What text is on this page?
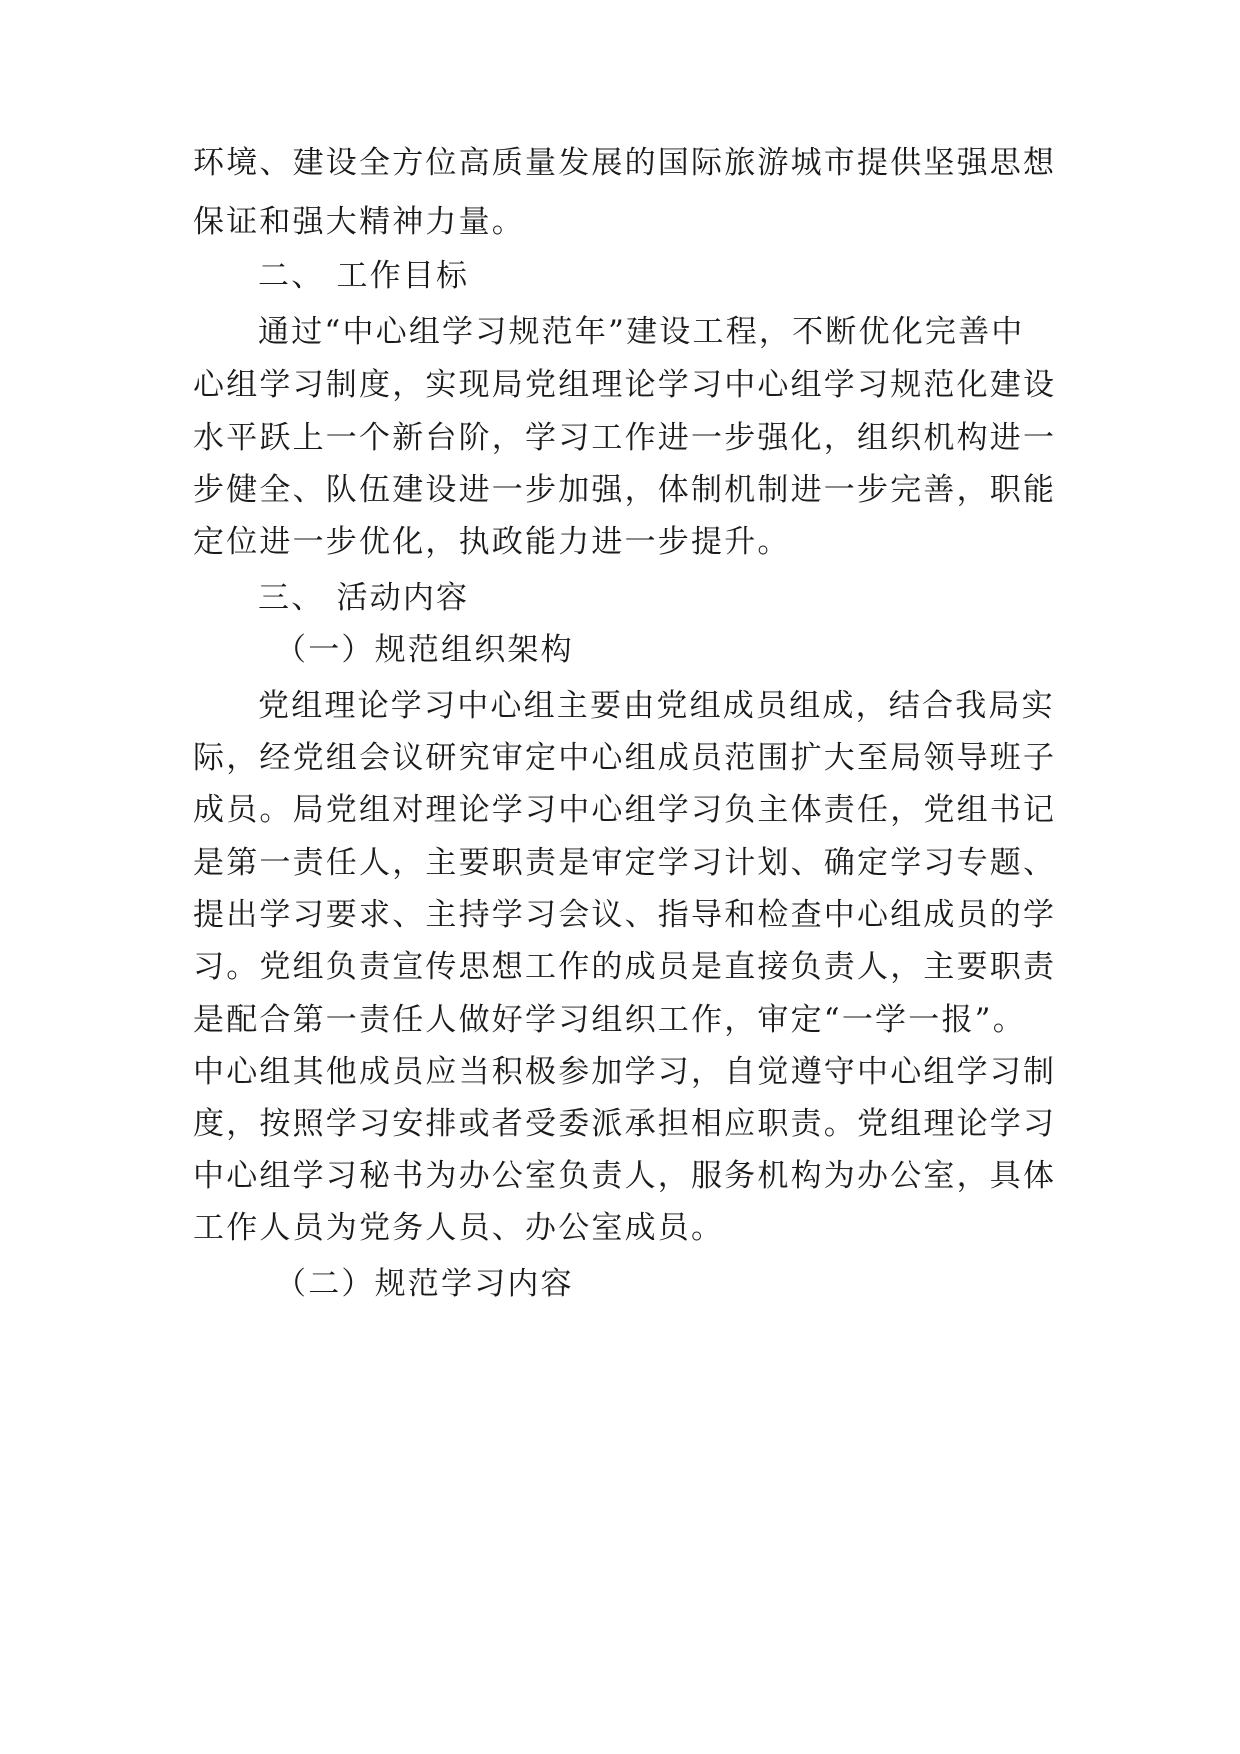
环境、建设全方位高质量发展的国际旅游城市提供坚强思想
保证和强大精神力量。
二、 工作目标
通过“中心组学习规范年”建设工程，不断优化完善中
心组学习制度，实现局党组理论学习中心组学习规范化建设
水平跃上一个新台阶，学习工作进一步强化，组织机构进一
步健全、队伍建设进一步加强，体制机制进一步完善，职能
定位进一步优化，执政能力进一步提升。
三、 活动内容
（一）规范组织架构
党组理论学习中心组主要由党组成员组成，结合我局实
际，经党组会议研究审定中心组成员范围扩大至局领导班子
成员。局党组对理论学习中心组学习负主体责任，党组书记
是第一责任人，主要职责是审定学习计划、确定学习专题、
提出学习要求、主持学习会议、指导和检查中心组成员的学
习。党组负责宣传思想工作的成员是直接负责人，主要职责
是配合第一责任人做好学习组织工作，审定“一学一报”。
中心组其他成员应当积极参加学习，自觉遵守中心组学习制
度，按照学习安排或者受委派承担相应职责。党组理论学习
中心组学习秘书为办公室负责人，服务机构为办公室，具体
工作人员为党务人员、办公室成员。
（二）规范学习内容
